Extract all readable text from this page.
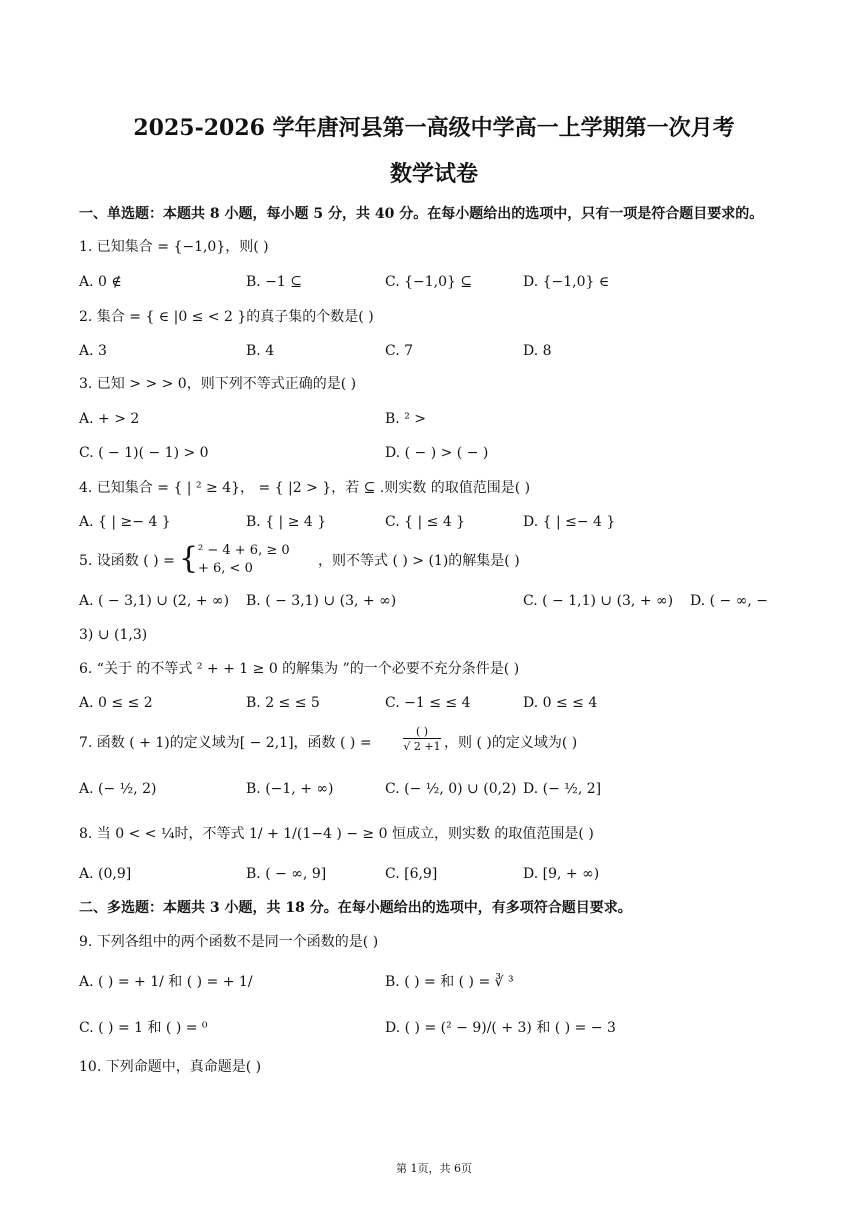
2025-2026 学年唐河县第一高级中学高一上学期第一次月考
数学试卷
一、单选题：本题共 8 小题，每小题 5 分，共 40 分。在每小题给出的选项中，只有一项是符合题目要求的。
1. 已知集合 = {−1,0}，则( )
A. 0 ∉	B. −1 ⊆	C. {−1,0} ⊆	D. {−1,0} ∈
2. 集合 = { ∈ |0 ≤ < 2 }的真子集的个数是( )
A. 3	B. 4	C. 7	D. 8
3. 已知 > > > 0，则下列不等式正确的是( )
A. + > 2	B. ² >
C. ( − 1)( − 1) > 0	D. ( − ) > ( − )
4. 已知集合 = { | ² ≥ 4}， = { |2 > }，若 ⊆ .则实数 的取值范围是( )
A. { | ≥− 4 }	B. { | ≥ 4 }	C. { | ≤ 4 }	D. { | ≤− 4 }
5. 设函数 ( ) = { ² − 4 + 6, ≥ 0
+ 6, < 0	，则不等式 ( ) > (1)的解集是( )
A. ( − 3,1) ∪ (2, + ∞) B. ( − 3,1) ∪ (3, + ∞)	C. ( − 1,1) ∪ (3, + ∞) D. ( − ∞, −
3) ∪ (1,3)
6. “关于 的不等式 ² + + 1 ≥ 0 的解集为 ”的一个必要不充分条件是( )
A. 0 ≤ ≤ 2	B. 2 ≤ ≤ 5	C. −1 ≤ ≤ 4	D. 0 ≤ ≤ 4
7. 函数 ( + 1)的定义域为[ − 2,1]，函数 ( ) =
( )
√ 2 +1 ，则 ( )的定义域为( )
A. (− ½, 2)	B. (−1, + ∞)	C. (− ½, 0) ∪ (0,2) D. (− ½, 2]
8. 当 0 < < ¼时，不等式 1/ + 1/(1−4 ) − ≥ 0 恒成立，则实数 的取值范围是( )
A. (0,9]	B. ( − ∞, 9]	C. [6,9]	D. [9, + ∞)
二、多选题：本题共 3 小题，共 18 分。在每小题给出的选项中，有多项符合题目要求。
9. 下列各组中的两个函数不是同一个函数的是( )
A. ( ) = + 1/ 和 ( ) = + 1/	B. ( ) = 和 ( ) = ∛ ³
C. ( ) = 1 和 ( ) = ⁰	D. ( ) = (² − 9)/( + 3) 和 ( ) = − 3
10. 下列命题中，真命题是( )
第 1页，共 6页
